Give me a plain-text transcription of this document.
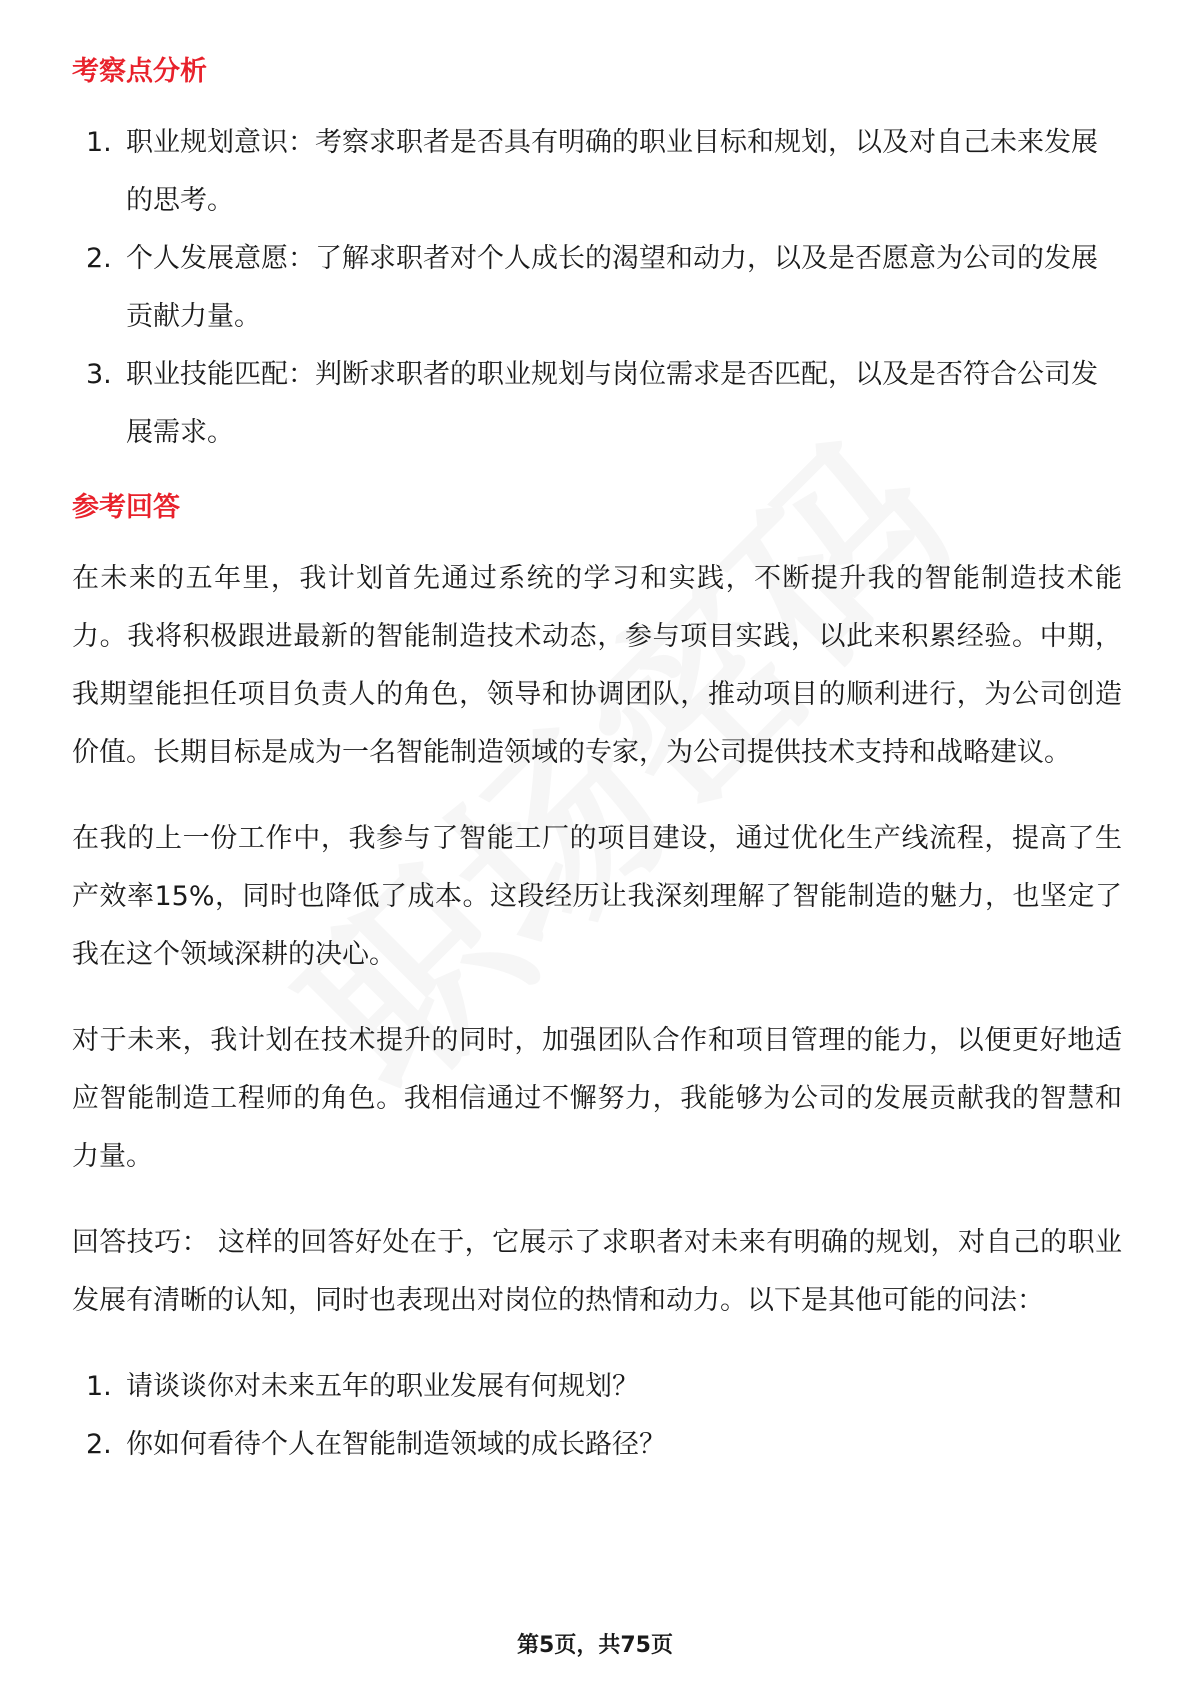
考察点分析
1. 职业规划意识：考察求职者是否具有明确的职业目标和规划，以及对自己未来发展的思考。
2. 个人发展意愿：了解求职者对个人成长的渴望和动力，以及是否愿意为公司的发展贡献力量。
3. 职业技能匹配：判断求职者的职业规划与岗位需求是否匹配，以及是否符合公司发展需求。
参考回答

在未来的五年里，我计划首先通过系统的学习和实践，不断提升我的智能制造技术能力。我将积极跟进最新的智能制造技术动态，参与项目实践，以此来积累经验。中期，我期望能担任项目负责人的角色，领导和协调团队，推动项目的顺利进行，为公司创造价值。长期目标是成为一名智能制造领域的专家，为公司提供技术支持和战略建议。

在我的上一份工作中，我参与了智能工厂的项目建设，通过优化生产线流程，提高了生产效率15%，同时也降低了成本。这段经历让我深刻理解了智能制造的魅力，也坚定了我在这个领域深耕的决心。

对于未来，我计划在技术提升的同时，加强团队合作和项目管理的能力，以便更好地适应智能制造工程师的角色。我相信通过不懈努力，我能够为公司的发展贡献我的智慧和力量。

回答技巧： 这样的回答好处在于，它展示了求职者对未来有明确的规划，对自己的职业发展有清晰的认知，同时也表现出对岗位的热情和动力。以下是其他可能的问法：

1. 请谈谈你对未来五年的职业发展有何规划？
2. 你如何看待个人在智能制造领域的成长路径？
第5页，共75页
